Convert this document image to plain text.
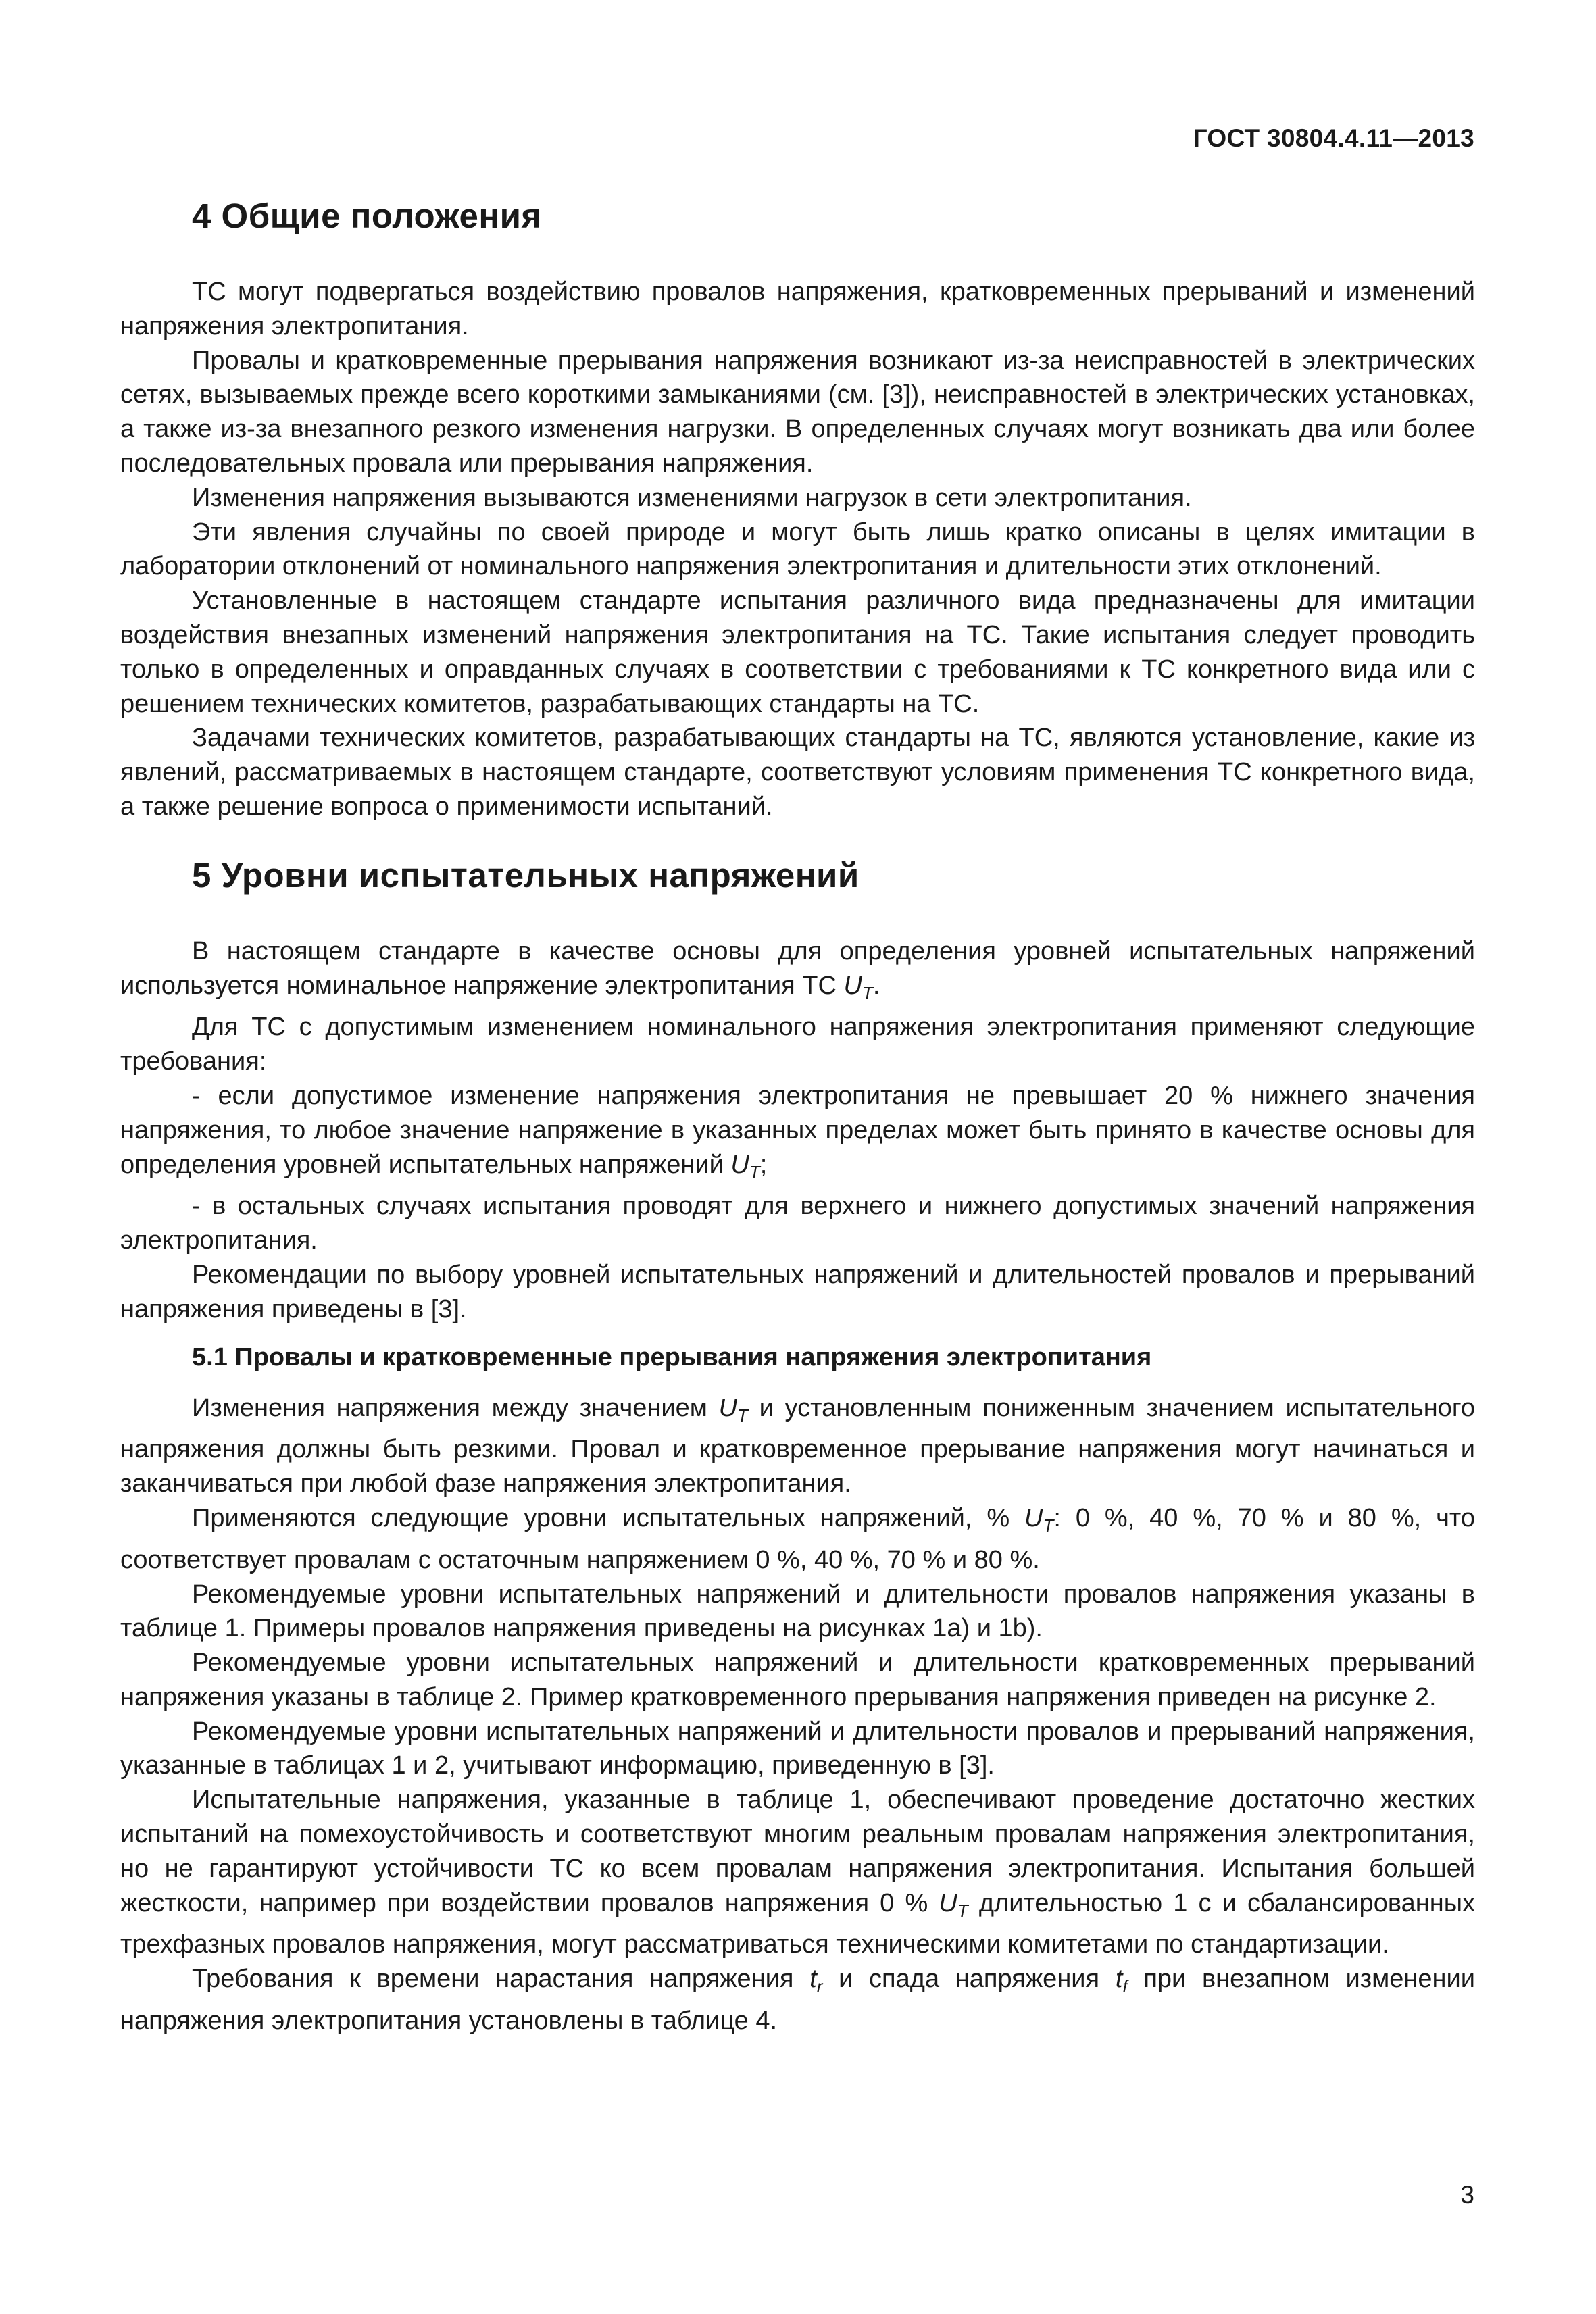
ГОСТ 30804.4.11—2013
4 Общие положения

ТС могут подвергаться воздействию провалов напряжения, кратковременных прерываний и изменений напряжения электропитания.

Провалы и кратковременные прерывания напряжения возникают из-за неисправностей в электрических сетях, вызываемых прежде всего короткими замыканиями (см. [3]), неисправностей в электрических установках, а также из-за внезапного резкого изменения нагрузки. В определенных случаях могут возникать два или более последовательных провала или прерывания напряжения.

Изменения напряжения вызываются изменениями нагрузок в сети электропитания.

Эти явления случайны по своей природе и могут быть лишь кратко описаны в целях имитации в лаборатории отклонений от номинального напряжения электропитания и длительности этих отклонений.

Установленные в настоящем стандарте испытания различного вида предназначены для имитации воздействия внезапных изменений напряжения электропитания на ТС. Такие испытания следует проводить только в определенных и оправданных случаях в соответствии с требованиями к ТС конкретного вида или с решением технических комитетов, разрабатывающих стандарты на ТС.

Задачами технических комитетов, разрабатывающих стандарты на ТС, являются установление, какие из явлений, рассматриваемых в настоящем стандарте, соответствуют условиям применения ТС конкретного вида, а также решение вопроса о применимости испытаний.

5 Уровни испытательных напряжений

В настоящем стандарте в качестве основы для определения уровней испытательных напряжений используется номинальное напряжение электропитания ТС $U_T$.

Для ТС с допустимым изменением номинального напряжения электропитания применяют следующие требования:

- если допустимое изменение напряжения электропитания не превышает 20 % нижнего значения напряжения, то любое значение напряжение в указанных пределах может быть принято в качестве основы для определения уровней испытательных напряжений $U_T$;

- в остальных случаях испытания проводят для верхнего и нижнего допустимых значений напряжения электропитания.

Рекомендации по выбору уровней испытательных напряжений и длительностей провалов и прерываний напряжения приведены в [3].

5.1 Провалы и кратковременные прерывания напряжения электропитания

Изменения напряжения между значением $U_T$ и установленным пониженным значением испытательного напряжения должны быть резкими. Провал и кратковременное прерывание напряжения могут начинаться и заканчиваться при любой фазе напряжения электропитания.

Применяются следующие уровни испытательных напряжений, % $U_T$: 0 %, 40 %, 70 % и 80 %, что соответствует провалам с остаточным напряжением 0 %, 40 %, 70 % и 80 %.

Рекомендуемые уровни испытательных напряжений и длительности провалов напряжения указаны в таблице 1. Примеры провалов напряжения приведены на рисунках 1a) и 1b).

Рекомендуемые уровни испытательных напряжений и длительности кратковременных прерываний напряжения указаны в таблице 2. Пример кратковременного прерывания напряжения приведен на рисунке 2.

Рекомендуемые уровни испытательных напряжений и длительности провалов и прерываний напряжения, указанные в таблицах 1 и 2, учитывают информацию, приведенную в [3].

Испытательные напряжения, указанные в таблице 1, обеспечивают проведение достаточно жестких испытаний на помехоустойчивость и соответствуют многим реальным провалам напряжения электропитания, но не гарантируют устойчивости ТС ко всем провалам напряжения электропитания. Испытания большей жесткости, например при воздействии провалов напряжения 0 % $U_T$ длительностью 1 с и сбалансированных трехфазных провалов напряжения, могут рассматриваться техническими комитетами по стандартизации.

Требования к времени нарастания напряжения $t_r$ и спада напряжения $t_f$ при внезапном изменении напряжения электропитания установлены в таблице 4.

3
